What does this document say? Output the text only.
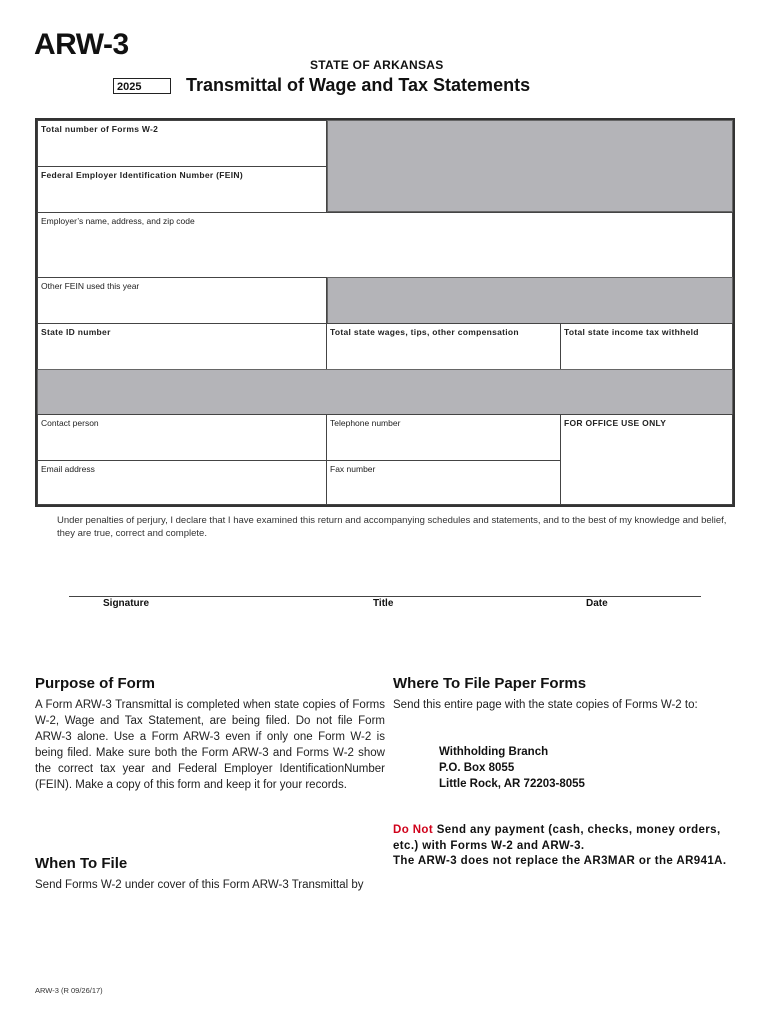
ARW-3
STATE OF ARKANSAS
2025	Transmittal of Wage and Tax Statements
Total number of Forms W-2
Federal Employer Identification Number (FEIN)
Employer’s name, address, and zip code
Other FEIN used this year
State ID number	Total state wages, tips, other compensation	Total state income tax withheld
Contact person	Telephone number	FOR OFFICE USE ONLY
Email address	Fax number
Under penalties of perjury, I declare that I have examined this return and accompanying schedules and statements, and to the best of my knowledge and belief, they are true, correct and complete.
Signature	Title	Date
Purpose of Form
A Form ARW-3 Transmittal is completed when state copies of Forms W-2, Wage and Tax Statement, are being filed. Do not file Form ARW-3 alone. Use a Form ARW-3 even if only one Form W-2 is being filed. Make sure both the Form ARW-3 and Forms W-2 show the correct tax year and Federal Employer IdentificationNumber (FEIN). Make a copy of this form and keep it for your records.
When To File
Send Forms W-2 under cover of this Form ARW-3 Transmittal by
Where To File Paper Forms
Send this entire page with the state copies of Forms W-2 to:
Withholding Branch
P.O. Box 8055
Little Rock, AR 72203-8055
Do Not Send any payment (cash, checks, money orders, etc.) with Forms W-2 and ARW-3.
The ARW-3 does not replace the AR3MAR or the AR941A.
ARW-3 (R 09/26/17)
